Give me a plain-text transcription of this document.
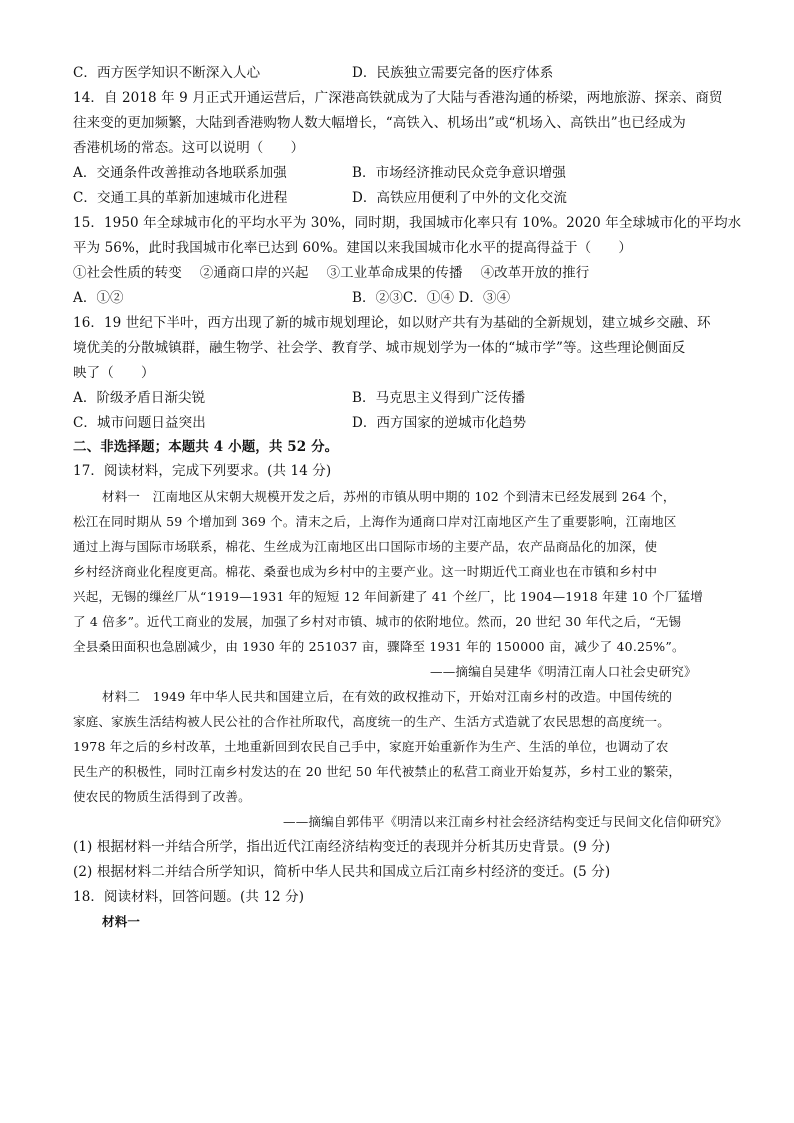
C．西方医学知识不断深入人心	D．民族独立需要完备的医疗体系
14．自 2018 年 9 月正式开通运营后，广深港高铁就成为了大陆与香港沟通的桥梁，两地旅游、探亲、商贸
往来变的更加频繁，大陆到香港购物人数大幅增长，“高铁入、机场出”或“机场入、高铁出”也已经成为
香港机场的常态。这可以说明（　　）
A．交通条件改善推动各地联系加强	B．市场经济推动民众竞争意识增强
C．交通工具的革新加速城市化进程	D．高铁应用便利了中外的文化交流
15．1950 年全球城市化的平均水平为 30%，同时期，我国城市化率只有 10%。2020 年全球城市化的平均水
平为 56%，此时我国城市化率已达到 60%。建国以来我国城市化水平的提高得益于（　　）
①社会性质的转变　 ②通商口岸的兴起　 ③工业革命成果的传播　 ④改革开放的推行
A．①②	B．②③C．①④ D．③④
16．19 世纪下半叶，西方出现了新的城市规划理论，如以财产共有为基础的全新规划，建立城乡交融、环
境优美的分散城镇群，融生物学、社会学、教育学、城市规划学为一体的“城市学”等。这些理论侧面反
映了（　　）
A．阶级矛盾日渐尖锐	B．马克思主义得到广泛传播
C．城市问题日益突出	D．西方国家的逆城市化趋势
二、非选择题；本题共 4 小题，共 52 分。
17．阅读材料，完成下列要求。(共 14 分)
材料一　江南地区从宋朝大规模开发之后，苏州的市镇从明中期的 102 个到清末已经发展到 264 个，
松江在同时期从 59 个增加到 369 个。清末之后，上海作为通商口岸对江南地区产生了重要影响，江南地区
通过上海与国际市场联系，棉花、生丝成为江南地区出口国际市场的主要产品，农产品商品化的加深，使
乡村经济商业化程度更高。棉花、桑蚕也成为乡村中的主要产业。这一时期近代工商业也在市镇和乡村中
兴起，无锡的缫丝厂从“1919—1931 年的短短 12 年间新建了 41 个丝厂，比 1904—1918 年建 10 个厂猛增
了 4 倍多”。近代工商业的发展，加强了乡村对市镇、城市的依附地位。然而，20 世纪 30 年代之后，“无锡
全县桑田面积也急剧减少，由 1930 年的 251037 亩，骤降至 1931 年的 150000 亩，减少了 40.25%”。
——摘编自吴建华《明清江南人口社会史研究》
材料二　1949 年中华人民共和国建立后，在有效的政权推动下，开始对江南乡村的改造。中国传统的
家庭、家族生活结构被人民公社的合作社所取代，高度统一的生产、生活方式造就了农民思想的高度统一。
1978 年之后的乡村改革，土地重新回到农民自己手中，家庭开始重新作为生产、生活的单位，也调动了农
民生产的积极性，同时江南乡村发达的在 20 世纪 50 年代被禁止的私营工商业开始复苏，乡村工业的繁荣，
使农民的物质生活得到了改善。
——摘编自郭伟平《明清以来江南乡村社会经济结构变迁与民间文化信仰研究》
(1) 根据材料一并结合所学，指出近代江南经济结构变迁的表现并分析其历史背景。(9 分)
(2) 根据材料二并结合所学知识，简析中华人民共和国成立后江南乡村经济的变迁。(5 分)
18．阅读材料，回答问题。(共 12 分)
材料一
